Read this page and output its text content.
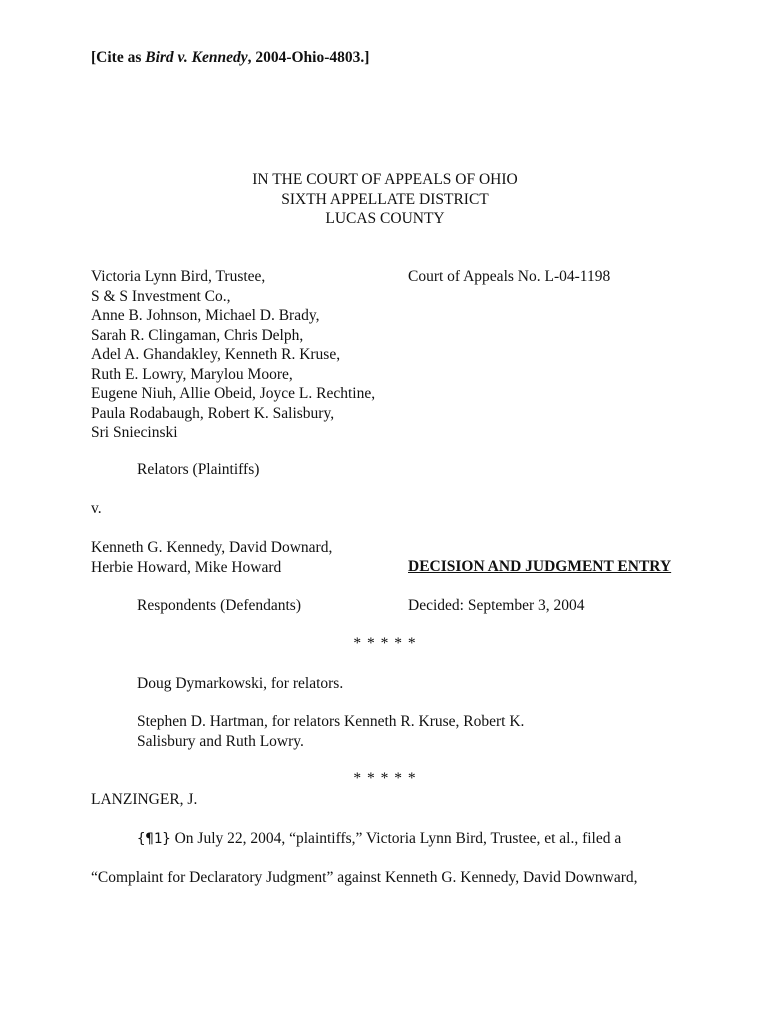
[Cite as Bird v. Kennedy, 2004-Ohio-4803.]
IN THE COURT OF APPEALS OF OHIO
SIXTH APPELLATE DISTRICT
LUCAS COUNTY
Victoria Lynn Bird, Trustee,
S & S Investment Co.,
Anne B. Johnson, Michael D. Brady,
Sarah R. Clingaman, Chris Delph,
Adel A. Ghandakley, Kenneth R. Kruse,
Ruth E. Lowry, Marylou Moore,
Eugene Niuh, Allie Obeid, Joyce L. Rechtine,
Paula Rodabaugh, Robert K. Salisbury,
Sri Sniecinski
Court of Appeals No. L-04-1198
Relators (Plaintiffs)
v.
Kenneth G. Kennedy, David Downard,
Herbie Howard, Mike Howard	DECISION AND JUDGMENT ENTRY
Respondents (Defendants)	Decided: September 3, 2004
* * * * *
Doug Dymarkowski, for relators.
Stephen D. Hartman, for relators Kenneth R. Kruse, Robert K.
Salisbury and Ruth Lowry.
* * * * *
LANZINGER, J.
{¶1} On July 22, 2004, “plaintiffs,” Victoria Lynn Bird, Trustee, et al., filed a
“Complaint for Declaratory Judgment” against Kenneth G. Kennedy, David Downward,
